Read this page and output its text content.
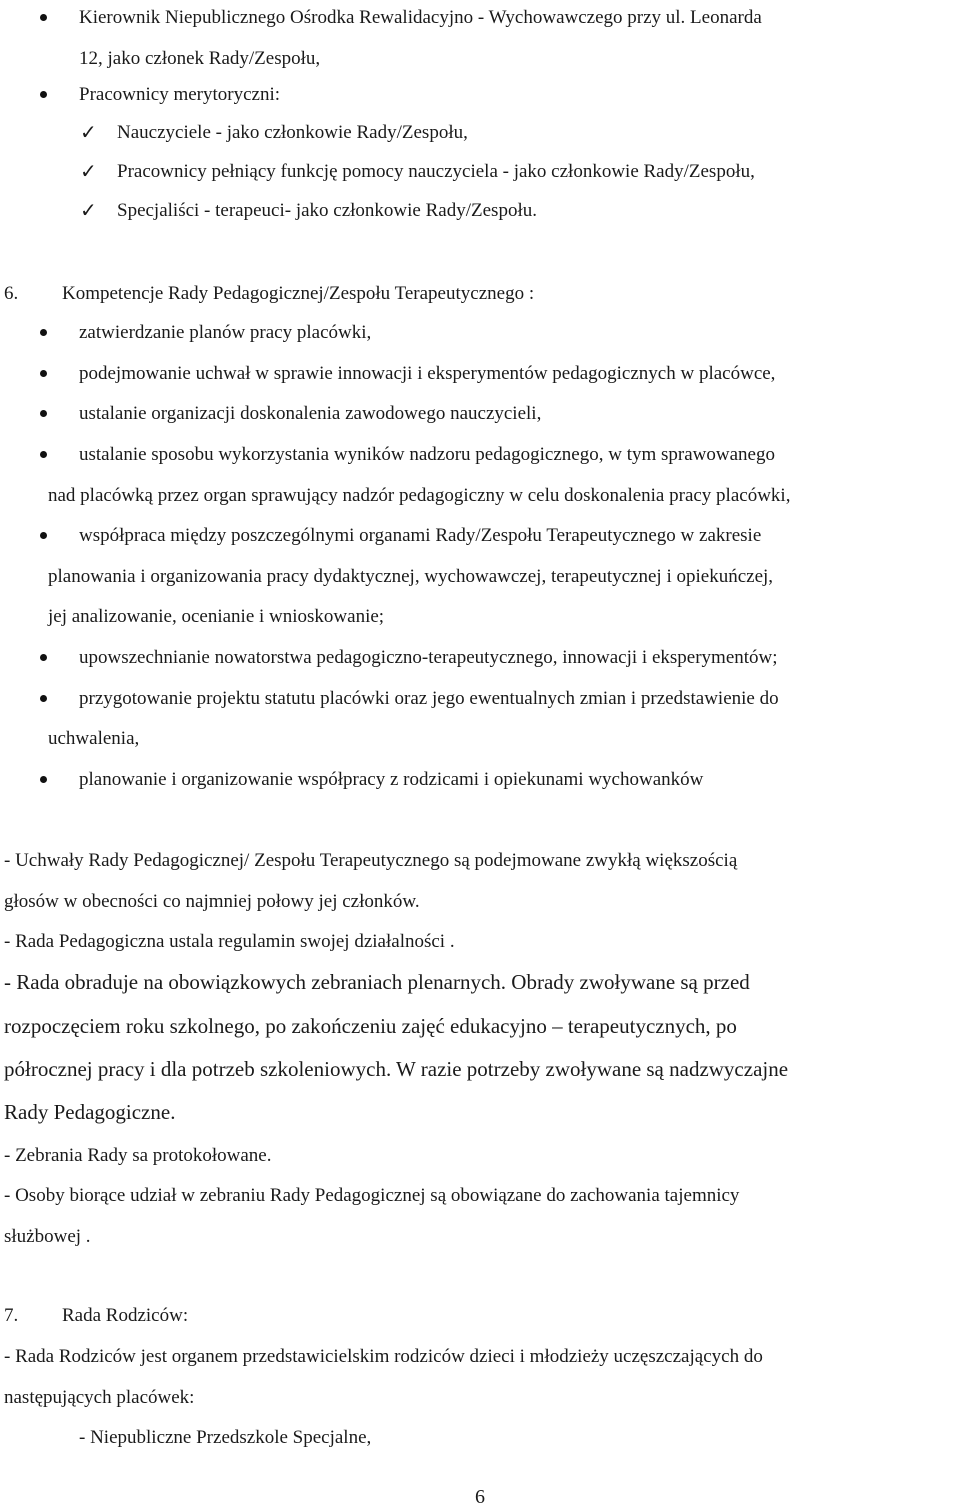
Kierownik Niepublicznego Ośrodka Rewalidacyjno - Wychowawczego przy ul. Leonarda
12, jako członek Rady/Zespołu,
Pracownicy merytoryczni:
✓ Nauczyciele - jako członkowie Rady/Zespołu,
✓ Pracownicy pełniący funkcję pomocy nauczyciela - jako członkowie Rady/Zespołu,
✓ Specjaliści - terapeuci- jako członkowie Rady/Zespołu.
6. Kompetencje Rady Pedagogicznej/Zespołu Terapeutycznego :
zatwierdzanie planów pracy placówki,
podejmowanie uchwał w sprawie innowacji i eksperymentów pedagogicznych w placówce,
ustalanie organizacji doskonalenia zawodowego nauczycieli,
ustalanie sposobu wykorzystania wyników nadzoru pedagogicznego, w tym sprawowanego
nad placówką przez organ sprawujący nadzór pedagogiczny w celu doskonalenia pracy placówki,
współpraca między poszczególnymi organami Rady/Zespołu Terapeutycznego w zakresie
planowania i organizowania pracy dydaktycznej, wychowawczej, terapeutycznej i opiekuńczej,
jej analizowanie, ocenianie i wnioskowanie;
upowszechnianie nowatorstwa pedagogiczno-terapeutycznego, innowacji i eksperymentów;
przygotowanie projektu statutu placówki oraz jego ewentualnych zmian i przedstawienie do
uchwalenia,
planowanie i organizowanie współpracy z rodzicami i opiekunami wychowanków
- Uchwały Rady Pedagogicznej/ Zespołu Terapeutycznego są podejmowane zwykłą większością
głosów w obecności co najmniej połowy jej członków.
- Rada Pedagogiczna ustala regulamin swojej działalności .
- Rada obraduje na obowiązkowych zebraniach plenarnych. Obrady zwoływane są przed
rozpoczęciem roku szkolnego, po zakończeniu zajęć edukacyjno – terapeutycznych, po
półrocznej pracy i dla potrzeb szkoleniowych. W razie potrzeby zwoływane są nadzwyczajne
Rady Pedagogiczne.
- Zebrania Rady sa protokołowane.
- Osoby biorące udział w zebraniu Rady Pedagogicznej są obowiązane do zachowania tajemnicy
służbowej .
7. Rada Rodziców:
- Rada Rodziców jest organem przedstawicielskim rodziców dzieci i młodzieży uczęszczających do
następujących placówek:
- Niepubliczne Przedszkole Specjalne,
6
